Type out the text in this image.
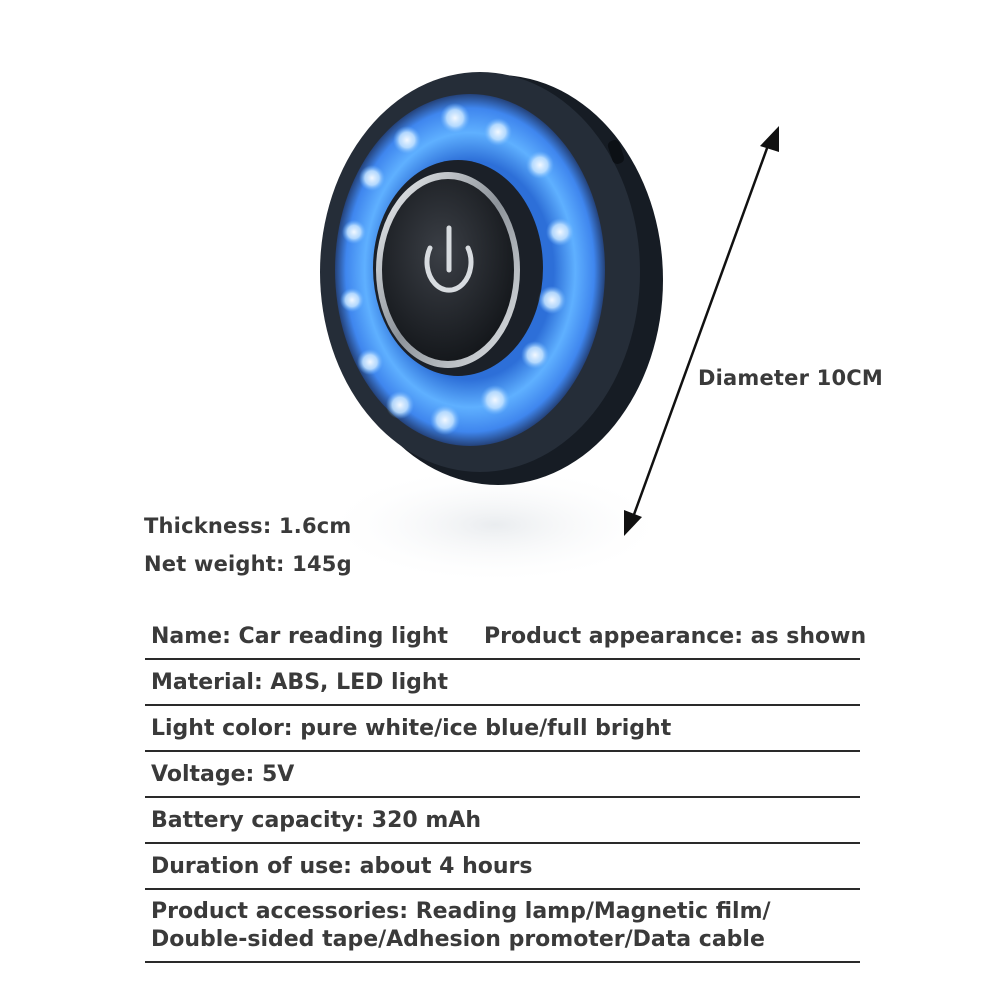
Diameter 10CM
Thickness: 1.6cm
Net weight: 145g
Name: Car reading light Product appearance: as shown
Material: ABS, LED light
Light color: pure white/ice blue/full bright
Voltage: 5V
Battery capacity: 320 mAh
Duration of use: about 4 hours
Product accessories: Reading lamp/Magnetic film/
Double-sided tape/Adhesion promoter/Data cable
